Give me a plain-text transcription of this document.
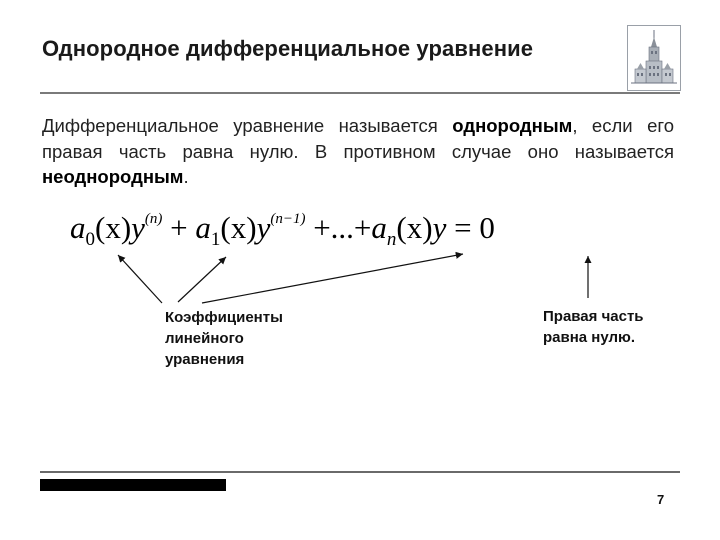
Однородное дифференциальное уравнение
Дифференциальное уравнение называется однородным, если его правая часть равна нулю. В противном случае оно называется неоднородным.
$a_0(x)y^{(n)} + a_1(x)y^{(n-1)} +...+a_n(x)y = 0$
Коэффициенты
линейного
уравнения
Правая часть
равна нулю.
7
